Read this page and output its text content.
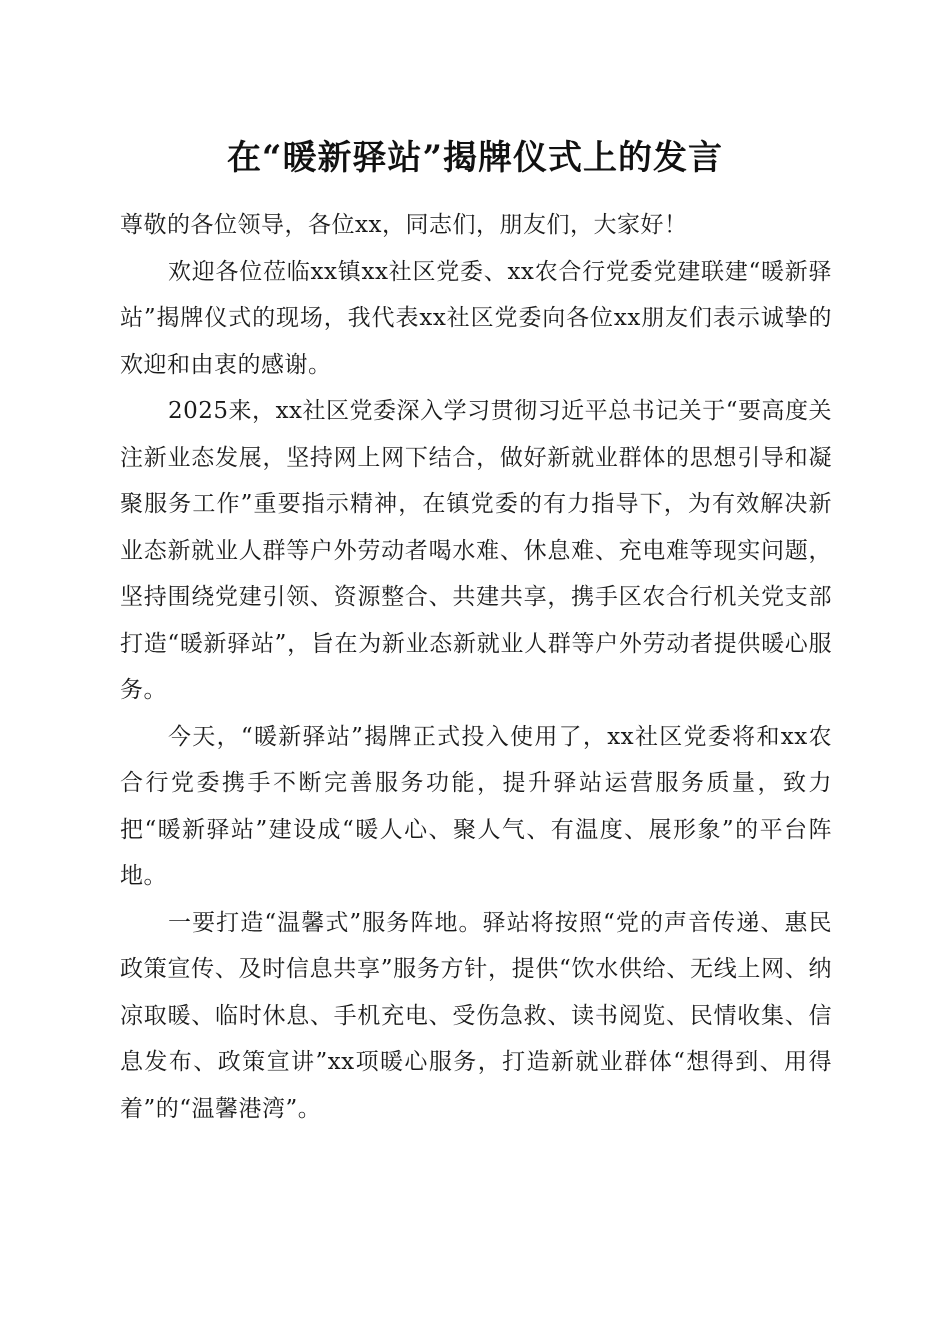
在“暖新驿站”揭牌仪式上的发言

尊敬的各位领导，各位xx，同志们，朋友们，大家好！

欢迎各位莅临xx镇xx社区党委、xx农合行党委党建联建“暖新驿站”揭牌仪式的现场，我代表xx社区党委向各位xx朋友们表示诚挚的欢迎和由衷的感谢。

2025来，xx社区党委深入学习贯彻习近平总书记关于“要高度关注新业态发展，坚持网上网下结合，做好新就业群体的思想引导和凝聚服务工作”重要指示精神，在镇党委的有力指导下，为有效解决新业态新就业人群等户外劳动者喝水难、休息难、充电难等现实问题，坚持围绕党建引领、资源整合、共建共享，携手区农合行机关党支部打造“暖新驿站”，旨在为新业态新就业人群等户外劳动者提供暖心服务。

今天，“暖新驿站”揭牌正式投入使用了，xx社区党委将和xx农合行党委携手不断完善服务功能，提升驿站运营服务质量，致力把“暖新驿站”建设成“暖人心、聚人气、有温度、展形象”的平台阵地。

一要打造“温馨式”服务阵地。驿站将按照“党的声音传递、惠民政策宣传、及时信息共享”服务方针，提供“饮水供给、无线上网、纳凉取暖、临时休息、手机充电、受伤急救、读书阅览、民情收集、信息发布、政策宣讲”xx项暖心服务，打造新就业群体“想得到、用得着”的“温馨港湾”。
